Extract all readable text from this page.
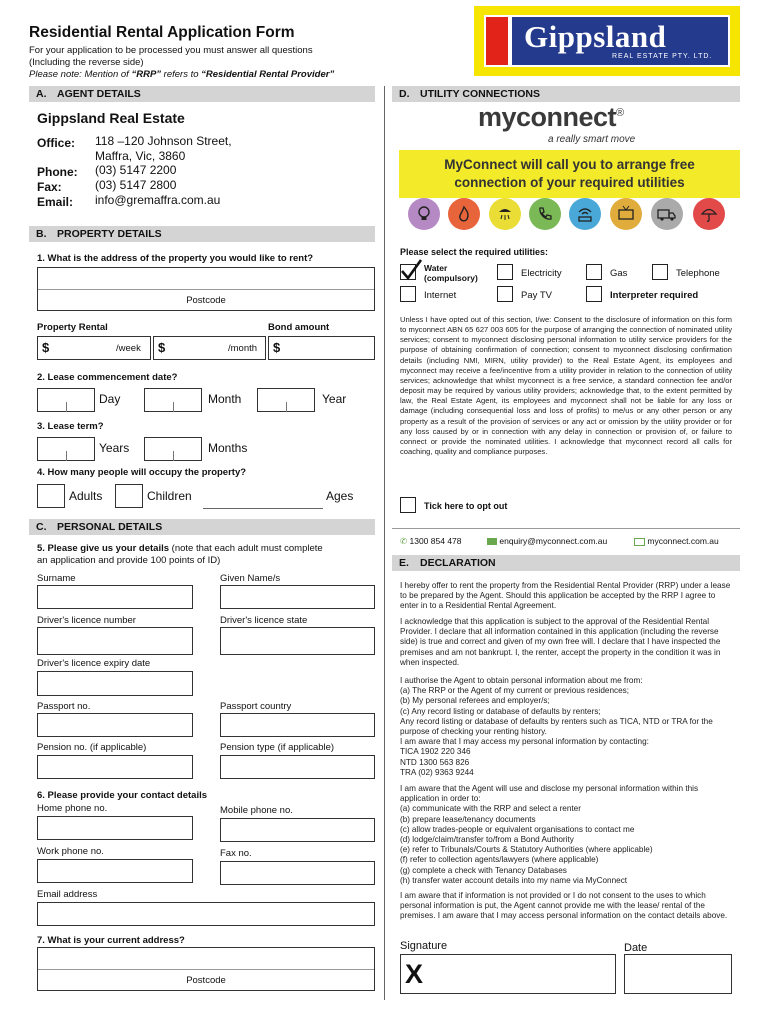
Residential Rental Application Form
For your application to be processed you must answer all questions
(Including the reverse side)
Please note: Mention of “RRP” refers to “Residential Rental Provider”
Gippsland
REAL ESTATE PTY. LTD.
A.	AGENT DETAILS	D.	UTILITY CONNECTIONS
Gippsland Real Estate
Office: 118 –120 Johnson Street,
Maffra, Vic, 3860
Phone: (03) 5147 2200
Fax:	(03) 5147 2800
Email: info@gremaffra.com.au
B.	PROPERTY DETAILS
1. What is the address of the property you would like to rent?
Postcode
Property Rental	Bond amount
$	/week $	/month $
2. Lease commencement date?
Day	Month	Year
3. Lease term?
Years	Months
4. How many people will occupy the property?
Adults	Children	Ages
C.	PERSONAL DETAILS
5. Please give us your details (note that each adult must complete
an application and provide 100 points of ID)
Surname	Given Name/s
Driver's licence number	Driver's licence state
Driver's licence expiry date
Passport no.	Passport country
Pension no. (if applicable)	Pension type (if applicable)
6. Please provide your contact details
Home phone no.	Mobile phone no.
Work phone no.	Fax no.
Email address
7. What is your current address?
Postcode
myconnect®
a really smart move
MyConnect will call you to arrange free
connection of your required utilities
Please select the required utilities:
Water
(compulsory)	Electricity	Gas	Telephone
Internet	Pay TV	Interpreter required
Unless I have opted out of this section, I/we: Consent to the disclosure of information on this form to myconnect ABN 65 627 003 605 for the purpose of arranging the connection of nominated utility services; consent to myconnect disclosing personal information to utility service providers for the purpose of obtaining confirmation of connection; consent to myconnect disclosing confirmation details (including NMI, MIRN, utility provider) to the Real Estate Agent, its employees and myconnect may receive a fee/incentive from a utility provider in relation to the connection of utility services; acknowledge that whilst myconnect is a free service, a standard connection fee and/or deposit may be required by various utility providers; acknowledge that, to the extent permitted by law, the Real Estate Agent, its employees and myconnect shall not be liable for any loss or damage (including consequential loss and loss of profits) to me/us or any other person or any property as a result of the provision of services or any act or omission by the utility provider or for any loss caused by or in connection with any delay in connection or provision of, or failure to connect or provide the nominated utilities. I acknowledge that myconnect record all calls for coaching, quality and compliance purposes.
Tick here to opt out
✆ 1300 854 478	enquiry@myconnect.com.au	myconnect.com.au
E.	DECLARATION
I hereby offer to rent the property from the Residential Rental Provider (RRP) under a lease to be prepared by the Agent. Should this application be accepted by the RRP I agree to enter in to a Residential Rental Agreement.
I acknowledge that this application is subject to the approval of the Residential Rental Provider. I declare that all information contained in this application (including the reverse side) is true and correct and given of my own free will. I declare that I have inspected the premises and am not bankrupt. I, the renter, accept the property in the condition it was in when inspected.
I authorise the Agent to obtain personal information about me from:
(a) The RRP or the Agent of my current or previous residences;
(b) My personal referees and employer/s;
(c) Any record listing or database of defaults by renters;
Any record listing or database of defaults by renters such as TICA, NTD or TRA for the purpose of checking your renting history.
I am aware that I may access my personal information by contacting:
TICA 1902 220 346
NTD 1300 563 826
TRA (02) 9363 9244
I am aware that the Agent will use and disclose my personal information within this application in order to:
(a) communicate with the RRP and select a renter
(b) prepare lease/tenancy documents
(c) allow trades-people or equivalent organisations to contact me
(d) lodge/claim/transfer to/from a Bond Authority
(e) refer to Tribunals/Courts & Statutory Authorities (where applicable)
(f) refer to collection agents/lawyers (where applicable)
(g) complete a check with Tenancy Databases
(h) transfer water account details into my name via MyConnect
I am aware that if information is not provided or I do not consent to the uses to which personal information is put, the Agent cannot provide me with the lease/ rental of the premises. I am aware that I may access personal information on the contact details above.
Signature	Date
X
